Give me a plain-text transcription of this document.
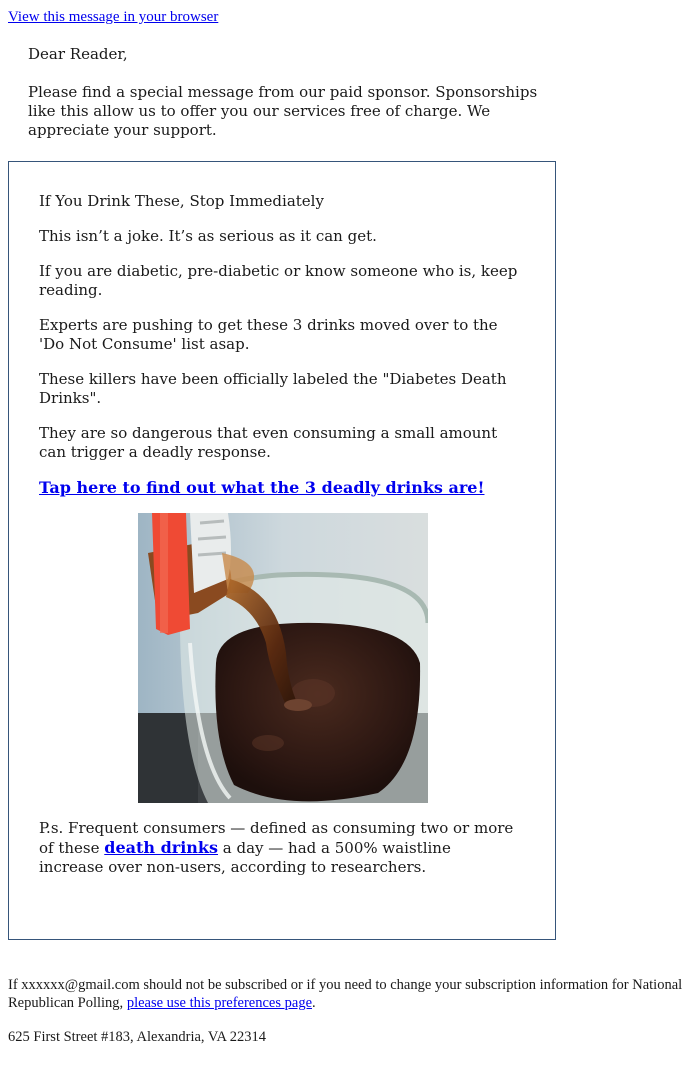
View this message in your browser

Dear Reader,

Please find a special message from our paid sponsor. Sponsorships like this allow us to offer you our services free of charge. We appreciate your support.

If You Drink These, Stop Immediately

This isn’t a joke. It’s as serious as it can get.

If you are diabetic, pre-diabetic or know someone who is, keep reading.

Experts are pushing to get these 3 drinks moved over to the 'Do Not Consume' list asap.

These killers have been officially labeled the "Diabetes Death Drinks".

They are so dangerous that even consuming a small amount can trigger a deadly response.

Tap here to find out what the 3 deadly drinks are!

P.s. Frequent consumers — defined as consuming two or more of these death drinks a day — had a 500% waistline increase over non-users, according to researchers.

If xxxxxx@gmail.com should not be subscribed or if you need to change your subscription information for National Republican Polling, please use this preferences page.

625 First Street #183, Alexandria, VA 22314
